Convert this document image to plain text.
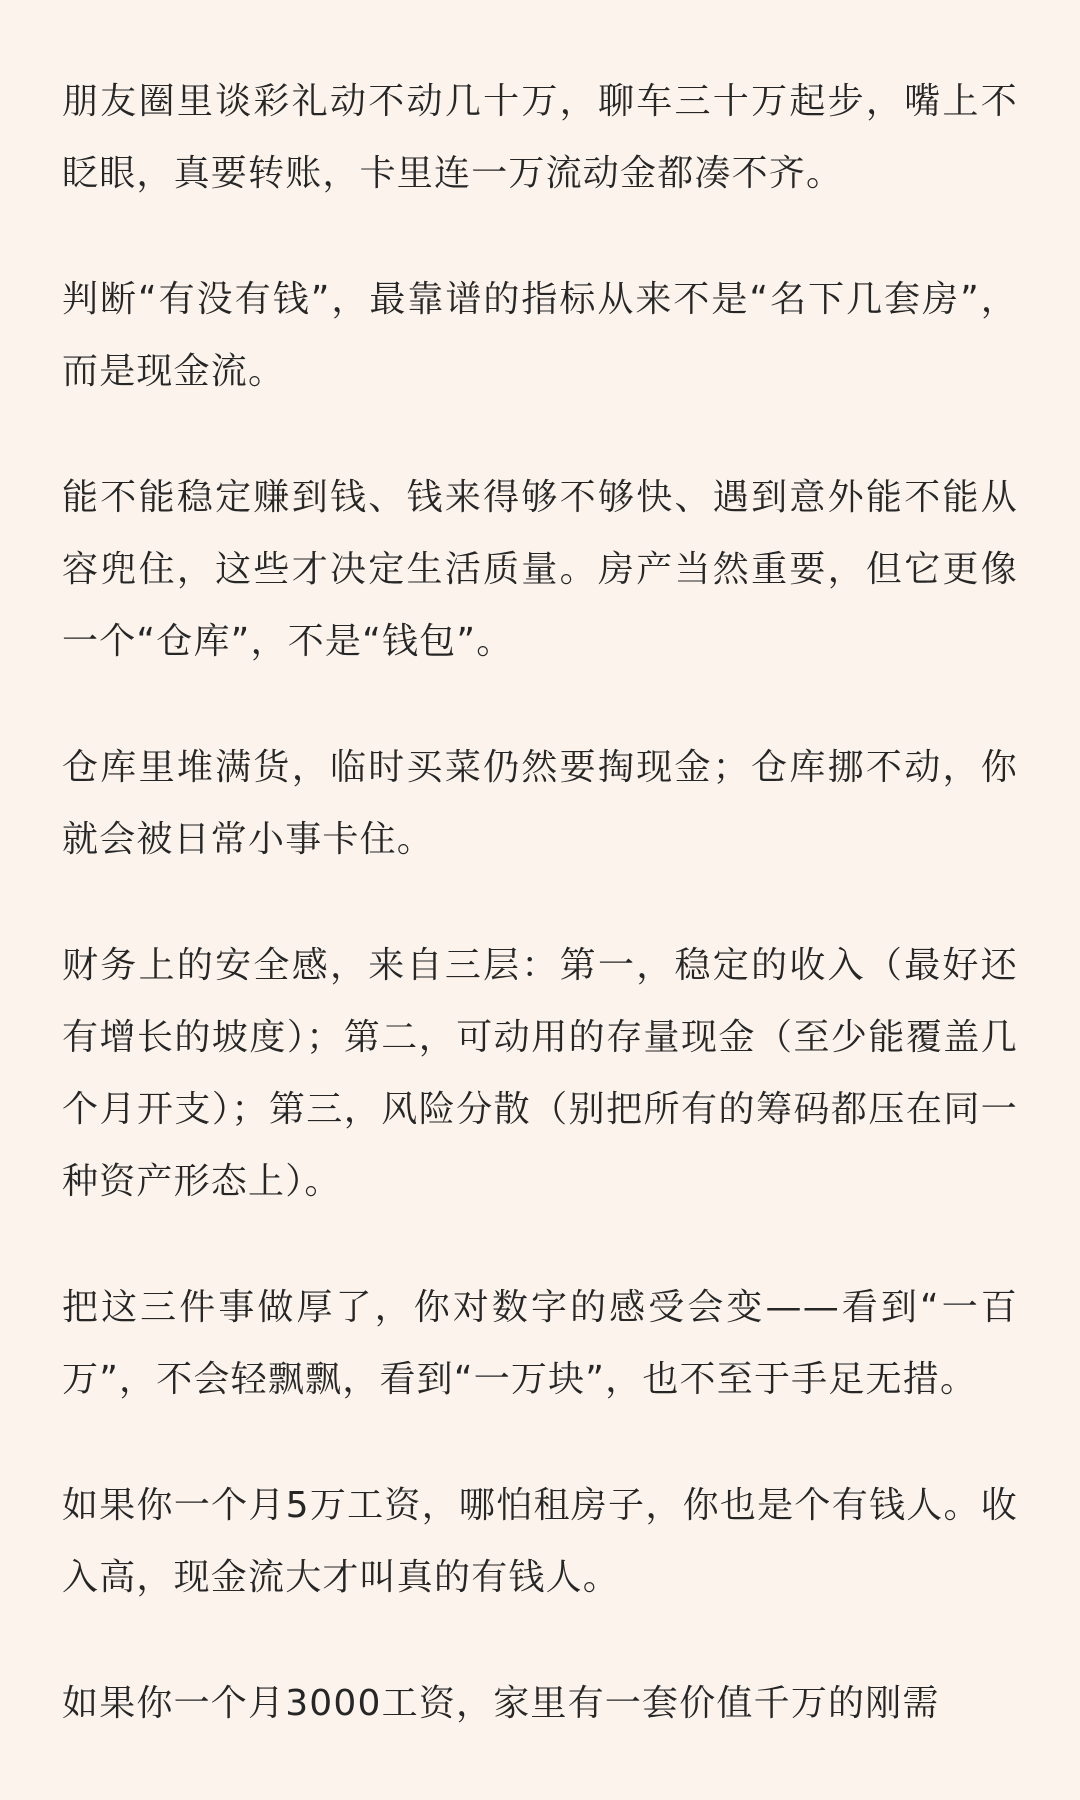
朋友圈里谈彩礼动不动几十万，聊车三十万起步，嘴上不眨眼，真要转账，卡里连一万流动金都凑不齐。

判断“有没有钱”，最靠谱的指标从来不是“名下几套房”，而是现金流。

能不能稳定赚到钱、钱来得够不够快、遇到意外能不能从容兜住，这些才决定生活质量。房产当然重要，但它更像一个“仓库”，不是“钱包”。

仓库里堆满货，临时买菜仍然要掏现金；仓库挪不动，你就会被日常小事卡住。

财务上的安全感，来自三层：第一，稳定的收入（最好还有增长的坡度）；第二，可动用的存量现金（至少能覆盖几个月开支）；第三，风险分散（别把所有的筹码都压在同一种资产形态上）。

把这三件事做厚了，你对数字的感受会变——看到“一百万”，不会轻飘飘，看到“一万块”，也不至于手足无措。

如果你一个月5万工资，哪怕租房子，你也是个有钱人。收入高，现金流大才叫真的有钱人。

如果你一个月3000工资，家里有一套价值千万的刚需
